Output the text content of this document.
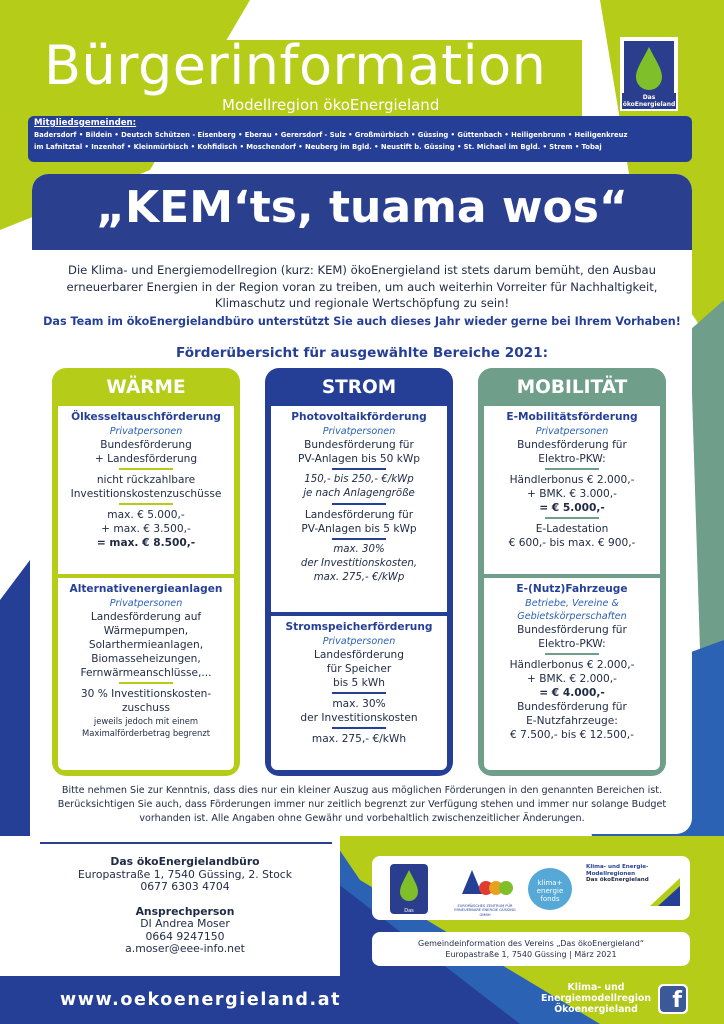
Bürgerinformation
Modellregion ökoEnergieland	Das ökoEnergieland
Mitgliedsgemeinden:
Badersdorf • Bildein • Deutsch Schützen - Eisenberg • Eberau • Gerersdorf - Sulz • Großmürbisch • Güssing • Güttenbach • Heiligenbrunn • Heiligenkreuz
im Lafnitztal • Inzenhof • Kleinmürbisch • Kohfidisch • Moschendorf • Neuberg im Bgld. • Neustift b. Güssing • St. Michael im Bgld. • Strem • Tobaj
„KEM‘ts, tuama wos“
Die Klima- und Energiemodellregion (kurz: KEM) ökoEnergieland ist stets darum bemüht, den Ausbau erneuerbarer Energien in der Region voran zu treiben, um auch weiterhin Vorreiter für Nachhaltigkeit, Klimaschutz und regionale Wertschöpfung zu sein!
Das Team im ökoEnergielandbüro unterstützt Sie auch dieses Jahr wieder gerne bei Ihrem Vorhaben!
Förderübersicht für ausgewählte Bereiche 2021:
WÄRME
Ölkesseltauschförderung
Privatpersonen
Bundesförderung
+ Landesförderung
nicht rückzahlbare
Investitionskostenzuschüsse
max. € 5.000,-
+ max. € 3.500,-
= max. € 8.500,-
Alternativenergieanlagen
Privatpersonen
Landesförderung auf
Wärmepumpen,
Solarthermieanlagen,
Biomasseheizungen,
Fernwärmeanschlüsse,...
30 % Investitionskosten-
zuschuss
jeweils jedoch mit einem
Maximalförderbetrag begrenzt
STROM
Photovoltaikförderung
Privatpersonen
Bundesförderung für
PV-Anlagen bis 50 kWp
150,- bis 250,- €/kWp
je nach Anlagengröße
Landesförderung für
PV-Anlagen bis 5 kWp
max. 30%
der Investitionskosten,
max. 275,- €/kWp
Stromspeicherförderung
Privatpersonen
Landesförderung
für Speicher
bis 5 kWh
max. 30%
der Investitionskosten
max. 275,- €/kWh
MOBILITÄT
E-Mobilitätsförderung
Privatpersonen
Bundesförderung für
Elektro-PKW:
Händlerbonus € 2.000,-
+ BMK. € 3.000,-
= € 5.000,-
E-Ladestation
€ 600,- bis max. € 900,-
E-(Nutz)Fahrzeuge
Betriebe, Vereine &
Gebietskörperschaften
Bundesförderung für
Elektro-PKW:
Händlerbonus € 2.000,-
+ BMK. € 2.000,-
= € 4.000,-
Bundesförderung für
E-Nutzfahrzeuge:
€ 7.500,- bis € 12.500,-
Bitte nehmen Sie zur Kenntnis, dass dies nur ein kleiner Auszug aus möglichen Förderungen in den genannten Bereichen ist. Berücksichtigen Sie auch, dass Förderungen immer nur zeitlich begrenzt zur Verfügung stehen und immer nur solange Budget vorhanden ist. Alle Angaben ohne Gewähr und vorbehaltlich zwischenzeitlicher Änderungen.
Das ökoEnergielandbüro
Europastraße 1, 7540 Güssing, 2. Stock
0677 6303 4704
Ansprechperson
DI Andrea Moser
0664 9247150
a.moser@eee-info.net
Das ökoEnergieland
EUROPÄISCHES ZENTRUM FÜR ERNEUERBARE ENERGIE GÜSSING GMBH
klima+ energie fonds
Klima- und Energie-
Modellregionen
Das ökoEnergieland
Gemeindeinformation des Vereins „Das ökoEnergieland“
Europastraße 1, 7540 Güssing | März 2021
www.oekoenergieland.at
Klima- und
Energiemodellregion
Ökoenergieland	f
